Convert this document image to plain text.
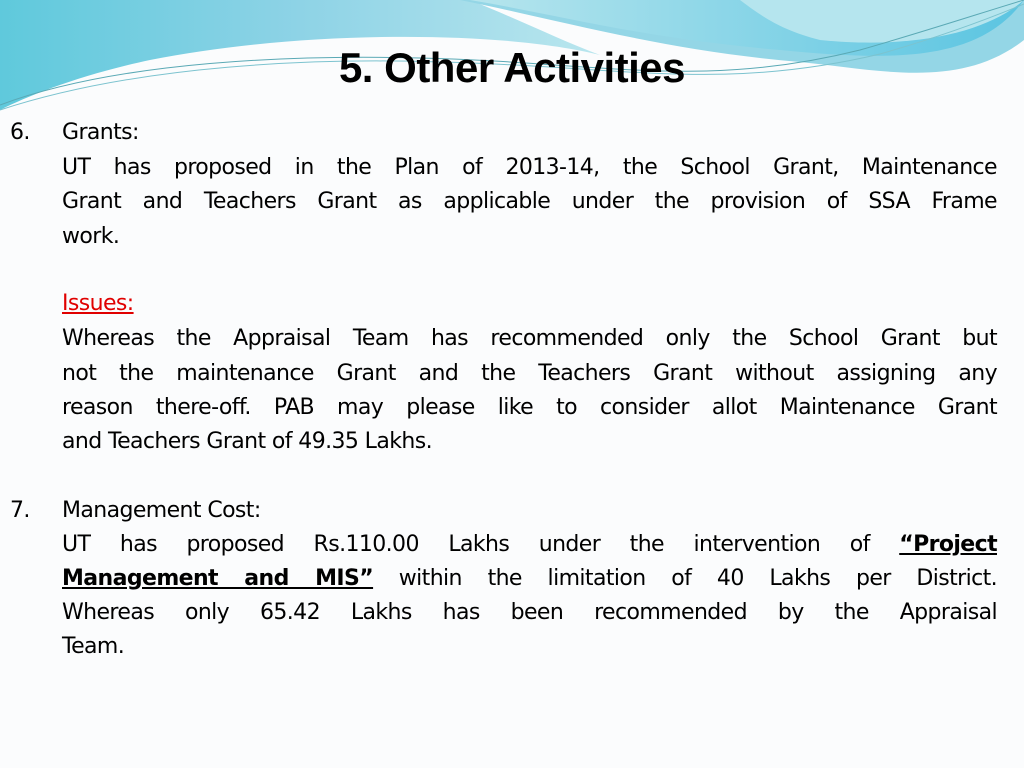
5. Other Activities
6. Grants:
UT has proposed in the Plan of 2013-14, the School Grant, Maintenance
Grant and Teachers Grant as applicable under the provision of SSA Frame
work.
Issues:
Whereas the Appraisal Team has recommended only the School Grant but
not the maintenance Grant and the Teachers Grant without assigning any
reason there-off. PAB may please like to consider allot Maintenance Grant
and Teachers Grant of 49.35 Lakhs.
7. Management Cost:
UT has proposed Rs.110.00 Lakhs under the intervention of “Project
Management and MIS” within the limitation of 40 Lakhs per District.
Whereas only 65.42 Lakhs has been recommended by the Appraisal
Team.
